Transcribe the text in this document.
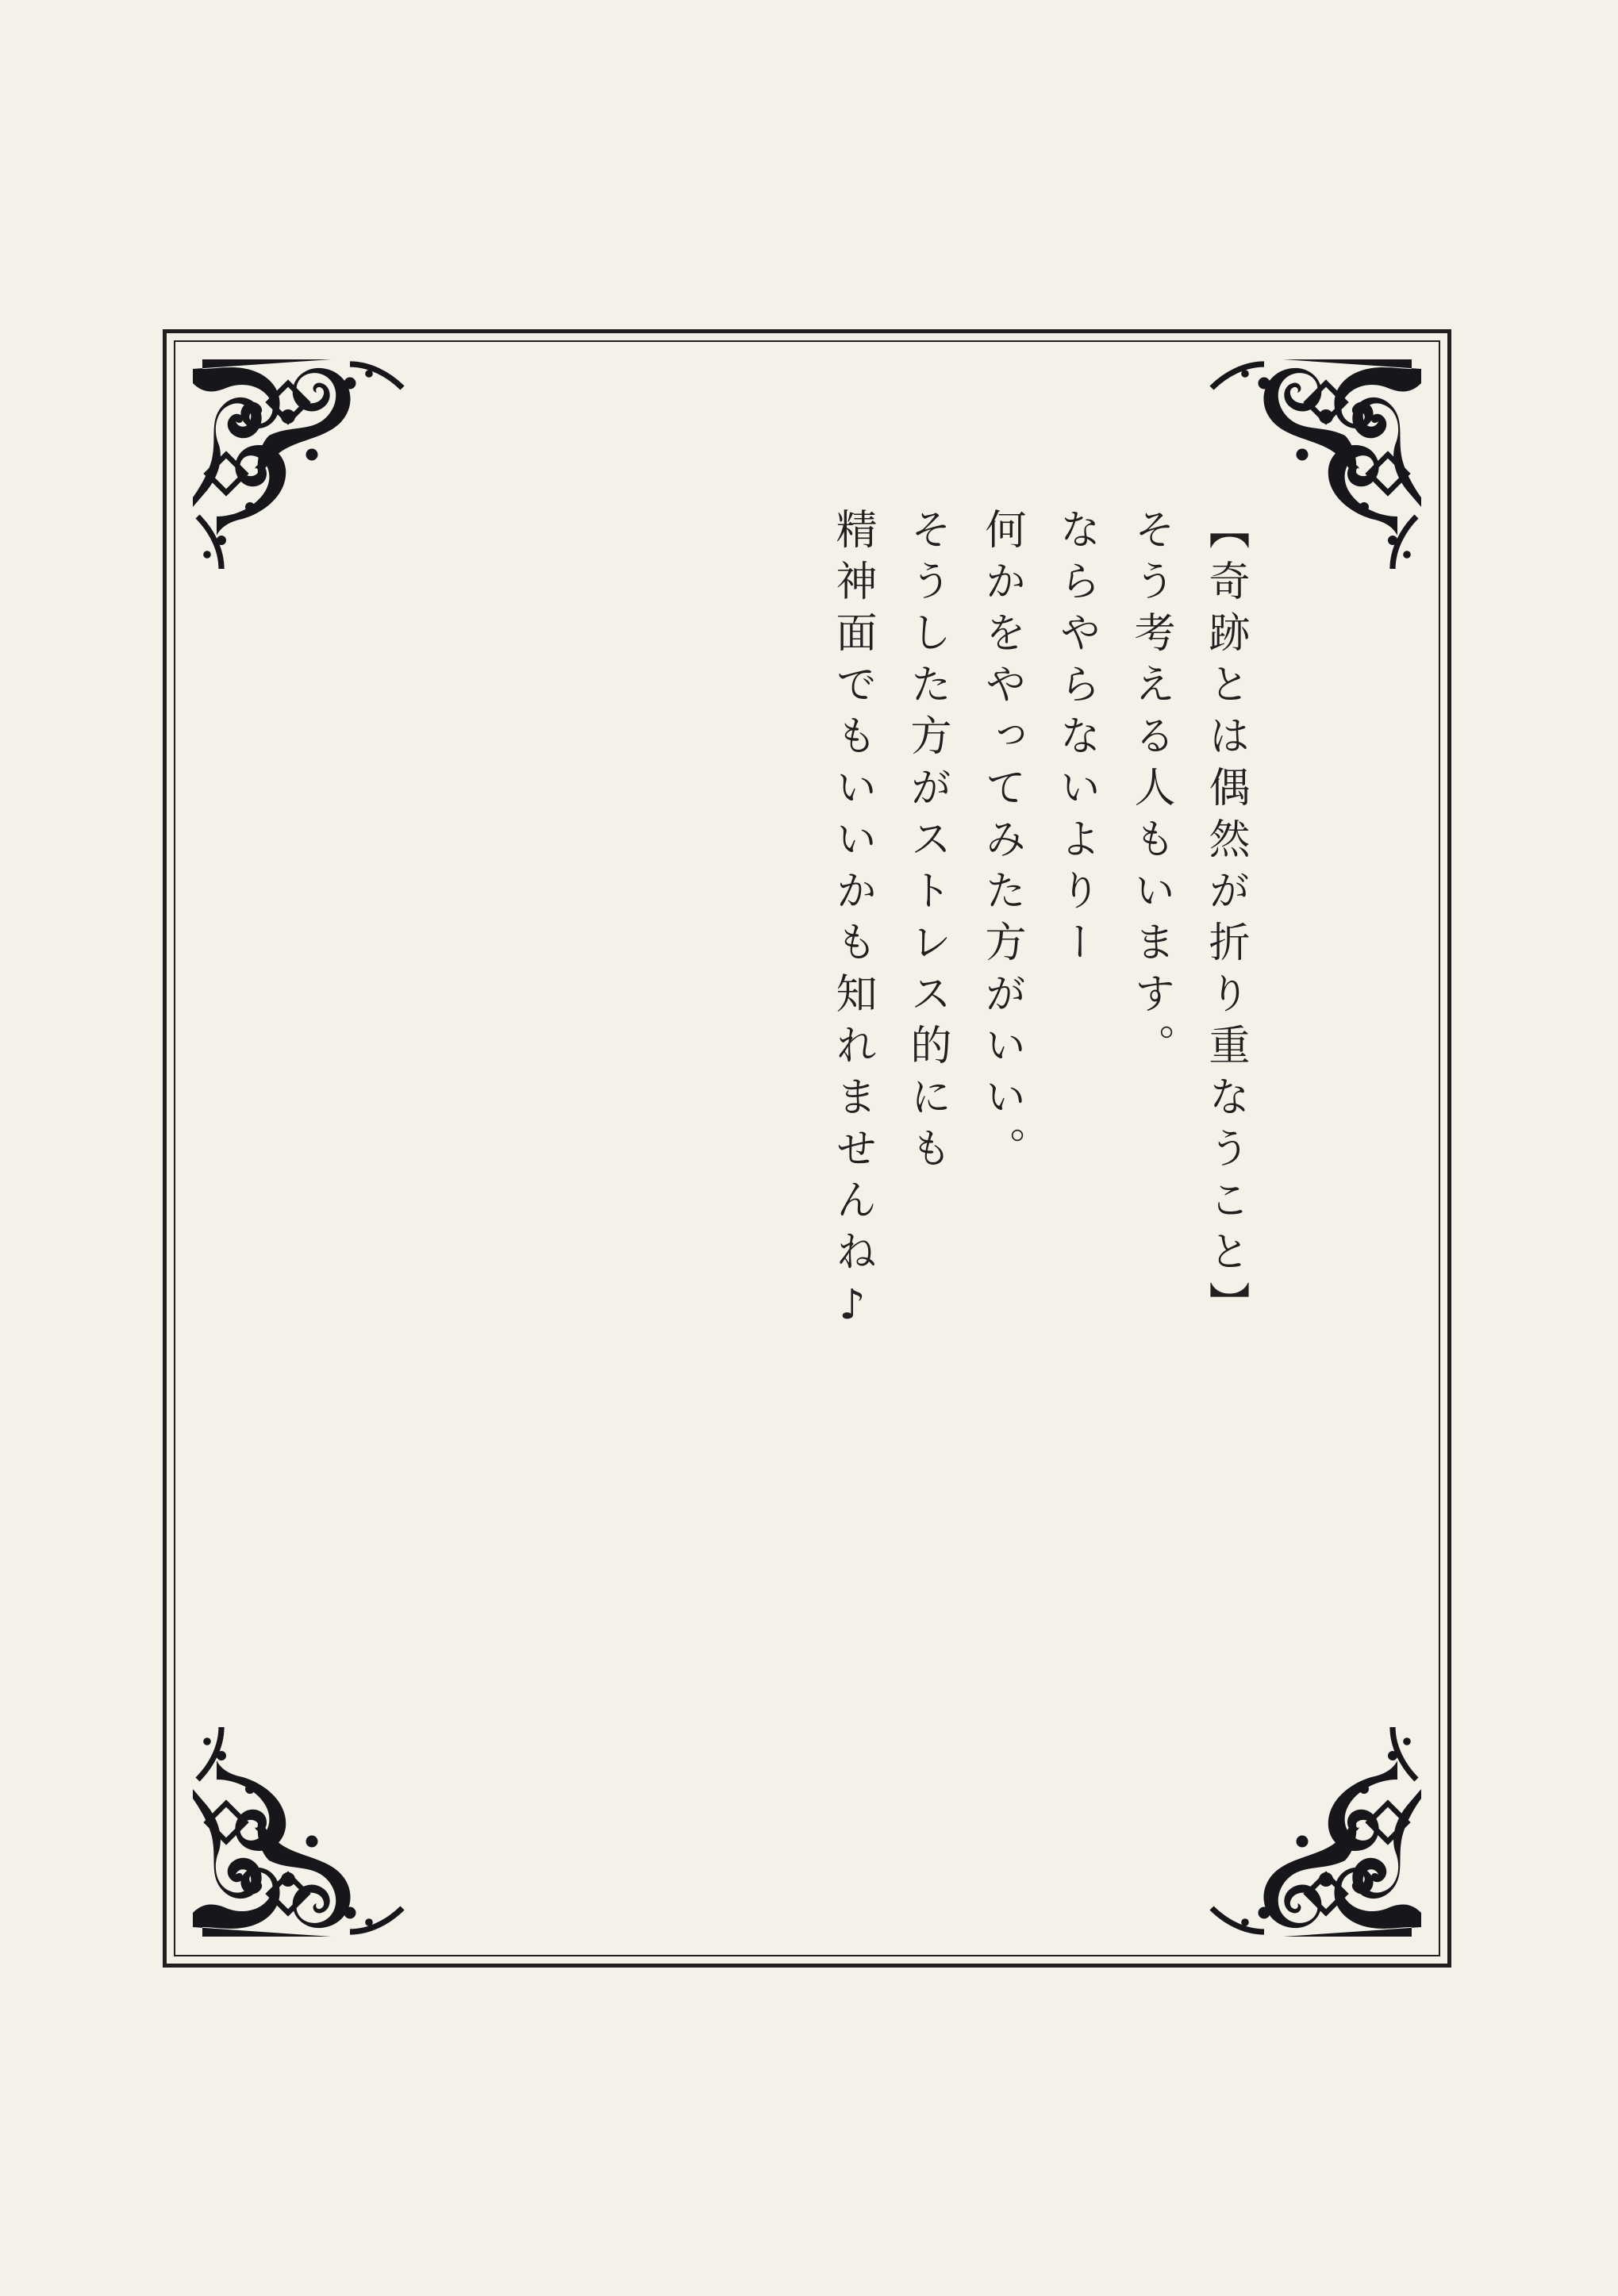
【奇跡とは偶然が折り重なうこと】
そう考える人もいます。
ならやらないよりー
何かをやってみた方がいい。
そうした方がストレス的にも
精神面でもいいかも知れませんね♪
